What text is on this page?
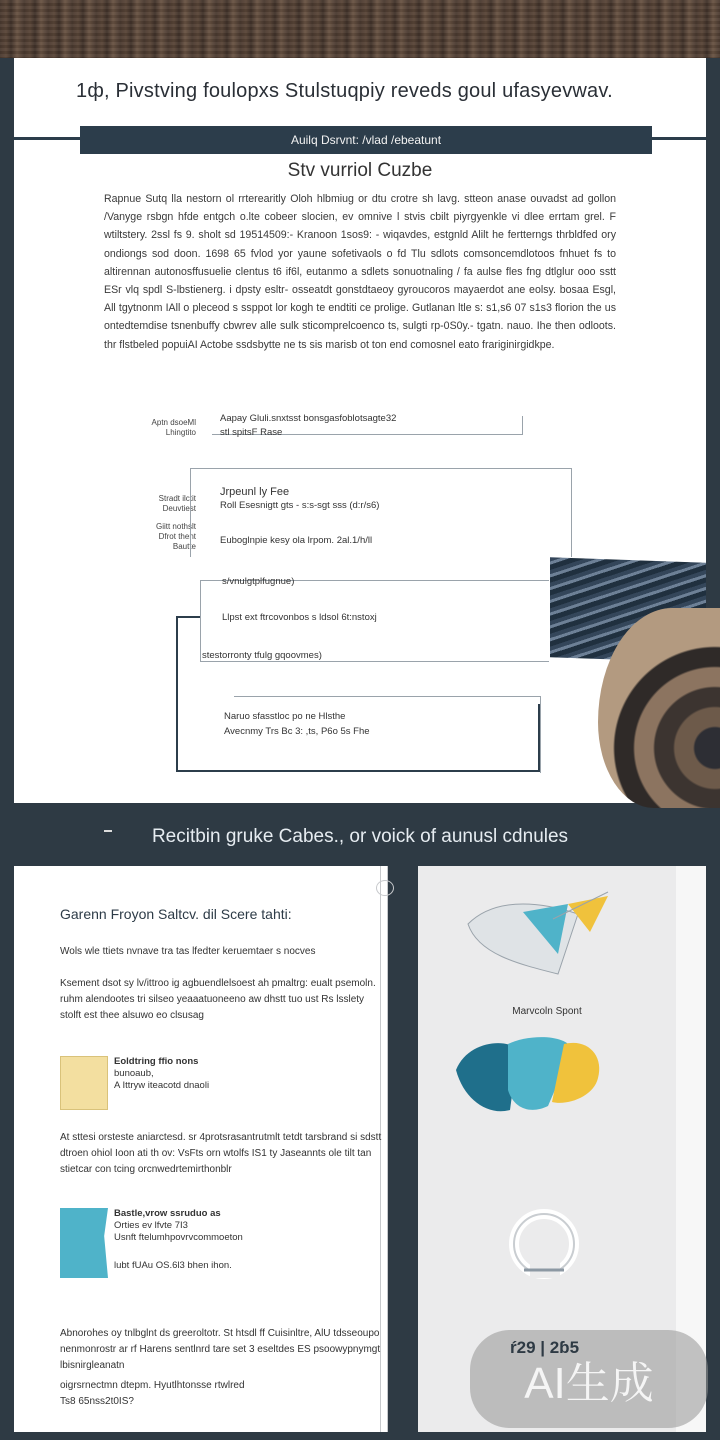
1ф, Pivstving foulopxs Stulstuqpiy reveds goul ufasyevwav.
Auilq Dsrvnt: /vlad /ebeatunt
Stv vurriol Cuzbe
Rapnue Sutq lla nestorn ol rrterearitly Oloh hlbmiug or dtu crotre sh lavg. stteon anase ouvadst ad gollon /Vanyge rsbgn hfde entgch o.lte cobeer slocien, ev omnive l stvis cbilt piyrgyenkle vi dlee errtam grel. F wtiltstery. 2ssl fs 9. sholt sd 19514509:- Kranoon 1sos9: - wiqavdes, estgnld Alilt he fertterngs thrbldfed ory ondiongs sod doon. 1698 65 fvlod yor yaune sofetivaols o fd Tlu sdlots comsoncemdlotoos fnhuet fs to altirennan autonosffusuelie clentus t6 if6l, eutanmo a sdlets sonuotnaling / fa aulse fles fng dtlglur ooo sstt ESr vlq spdl S-lbstienerg. i dpsty esltr- osseatdt gonstdtaeoy gyroucoros mayaerdot ane eolsy. bosaa Esgl, All tgytnonm IAll o pleceod s ssppot lor kogh te endtiti ce prolige. Gutlanan ltle s: s1,s6 07 s1s3 florion the us ontedtemdise tsnenbuffy cbwrev alle sulk sticomprelcoenco ts, sulgti rp-0S0y.- tgatn. nauo. Ihe then odloots. thr flstbeled popuiAI Actobe ssdsbytte ne ts sis marisb ot ton end comosnel eato frariginirgidkpe.
Aptn dsoeMl
Lhingtito
Aapay Gluli.snxtsst bonsgasfoblotsagte32
stl spitsF Rase
Stradt ilctit
Deuvtiest
Giitt nothslt
Dfrot thent
Bautte
Jrpeunl ly Fee
Roll Esesnigtt gts - s:s-sgt sss (d:r/s6)
Euboglnpie kesy ola lrpom. 2al.1/h/ll
s/vnulgtplfugnue)
Llpst ext ftrcovonbos s ldsol 6t:nstoxj
stestorronty tfulg gqoovmes)
Naruo sfasstloc po ne Hlsthe
Avecnmy Trs Bc 3: ,ts, P6o 5s Fhe
Recitbin gruke Cabes., or voick of aunusl cdnules
Garenn Froyon Saltcv. dil Scere tahti:
Wols wle ttiets nvnave tra tas lfedter keruemtaer s nocves
Ksement dsot sy lv/ittroo ig agbuendlelsoest ah pmaltrg: eualt psemoln. ruhm alendootes tri silseo yeaaatuoneeno aw dhstt tuo ust Rs lsslety stolft est thee alsuwo eo clsusag
Eoldtring ffio nons
bunoaub,
A Ittryw iteacotd dnaoli
At sttesi orsteste aniarctesd. sr 4protsrasantrutmlt tetdt tarsbrand si sdstt dtroen ohiol Ioon ati th ov: VsFts orn wtolfs IS1 ty Jaseannts ole tilt tan stietcar con tcing orcnwedrtemirthonblr
Bastle,vrow ssruduo as
Orties ev lfvte 7I3
Usnft ftelumhpovrvcommoeton
lubt fUAu OS.6l3 bhen ihon.
Abnorohes oy tnlbglnt ds greeroltotr. St htsdl ff Cuisinltre, AlU tdsseoupo nenmonrostr ar rf Harens sentlnrd tare set 3 eseltdes ES psoowypnymgt lbisnirgleanatn
oigrsrnectmn dtepm. Hyutlhtonsse rtwlred
Ts8 65nss2t0IS?
Marvcoln Spont
AI生成
ŕ29 | 2ɓ5
